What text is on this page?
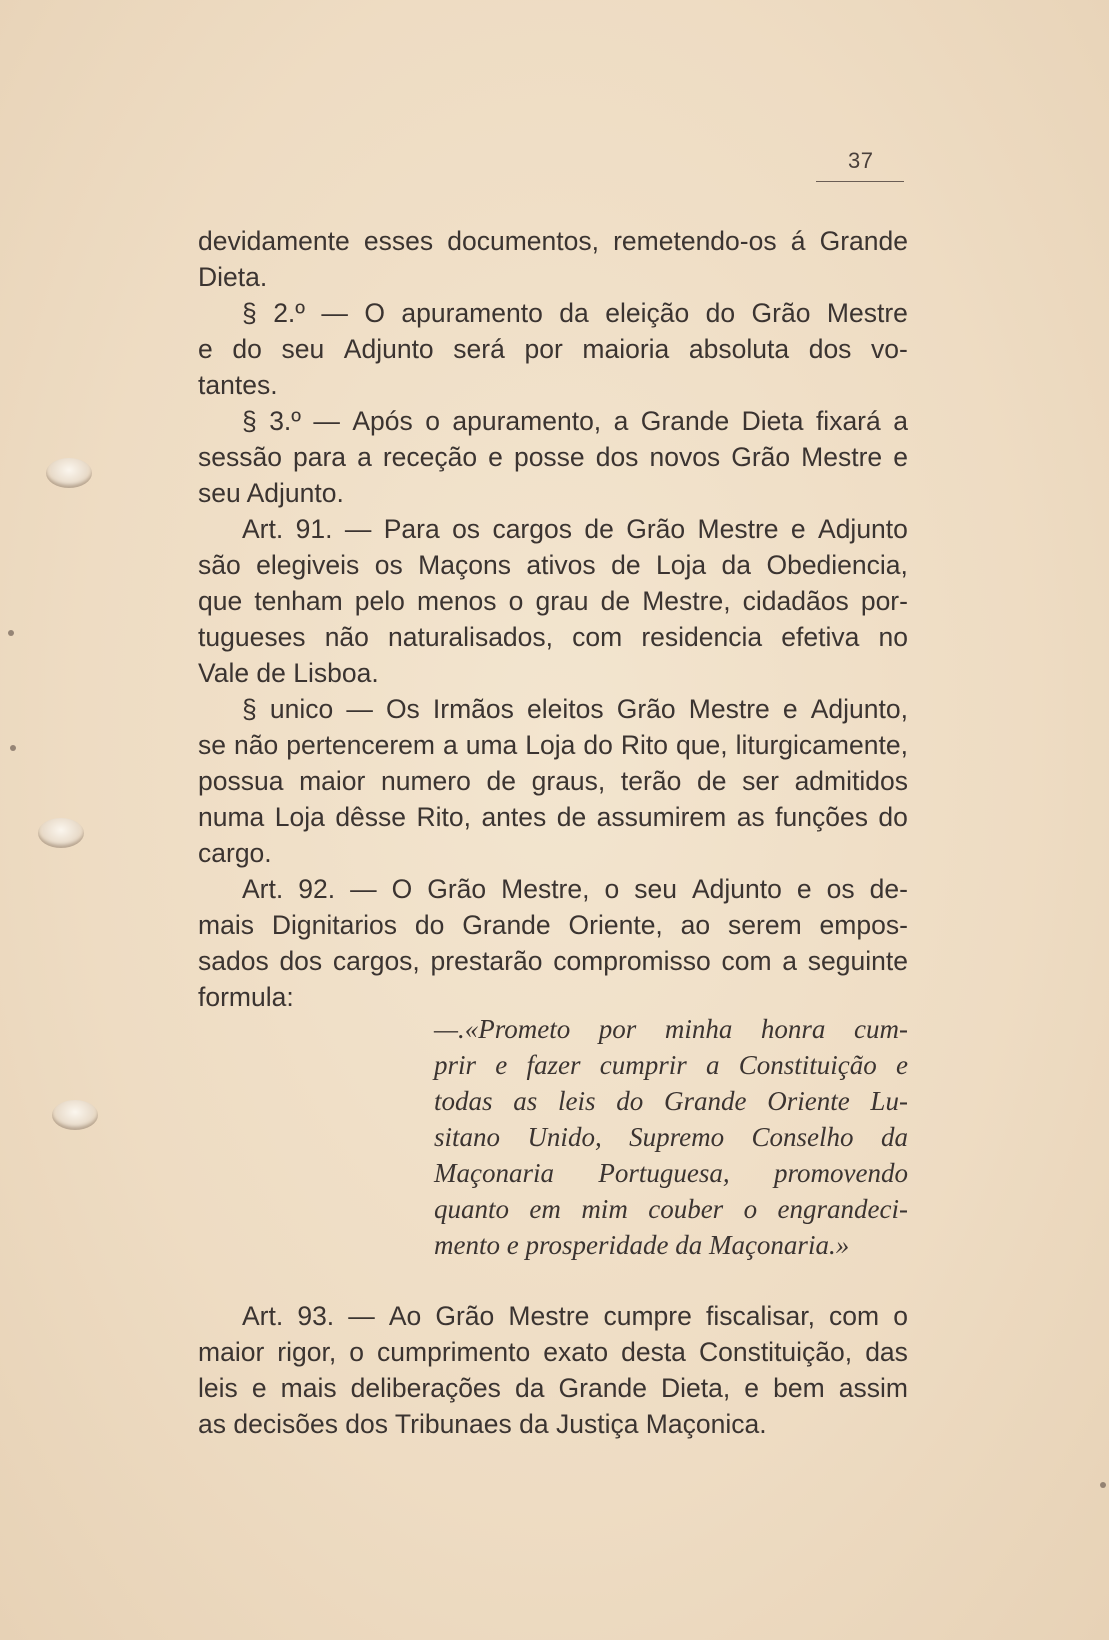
37
devidamente esses documentos, remetendo-os á Grande
Dieta.
§ 2.º — O apuramento da eleição do Grão Mestre
e do seu Adjunto será por maioria absoluta dos vo-
tantes.
§ 3.º — Após o apuramento, a Grande Dieta fixará a
sessão para a receção e posse dos novos Grão Mestre e
seu Adjunto.
Art. 91. — Para os cargos de Grão Mestre e Adjunto
são elegiveis os Maçons ativos de Loja da Obediencia,
que tenham pelo menos o grau de Mestre, cidadãos por-
tugueses não naturalisados, com residencia efetiva no
Vale de Lisboa.
§ unico — Os Irmãos eleitos Grão Mestre e Adjunto,
se não pertencerem a uma Loja do Rito que, liturgicamente,
possua maior numero de graus, terão de ser admitidos
numa Loja dêsse Rito, antes de assumirem as funções do
cargo.
Art. 92. — O Grão Mestre, o seu Adjunto e os de-
mais Dignitarios do Grande Oriente, ao serem empos-
sados dos cargos, prestarão compromisso com a seguinte
formula:
—.«Prometo por minha honra cum-
prir e fazer cumprir a Constituição e
todas as leis do Grande Oriente Lu-
sitano Unido, Supremo Conselho da
Maçonaria Portuguesa, promovendo
quanto em mim couber o engrandeci-
mento e prosperidade da Maçonaria.»
Art. 93. — Ao Grão Mestre cumpre fiscalisar, com o
maior rigor, o cumprimento exato desta Constituição, das
leis e mais deliberações da Grande Dieta, e bem assim
as decisões dos Tribunaes da Justiça Maçonica.
